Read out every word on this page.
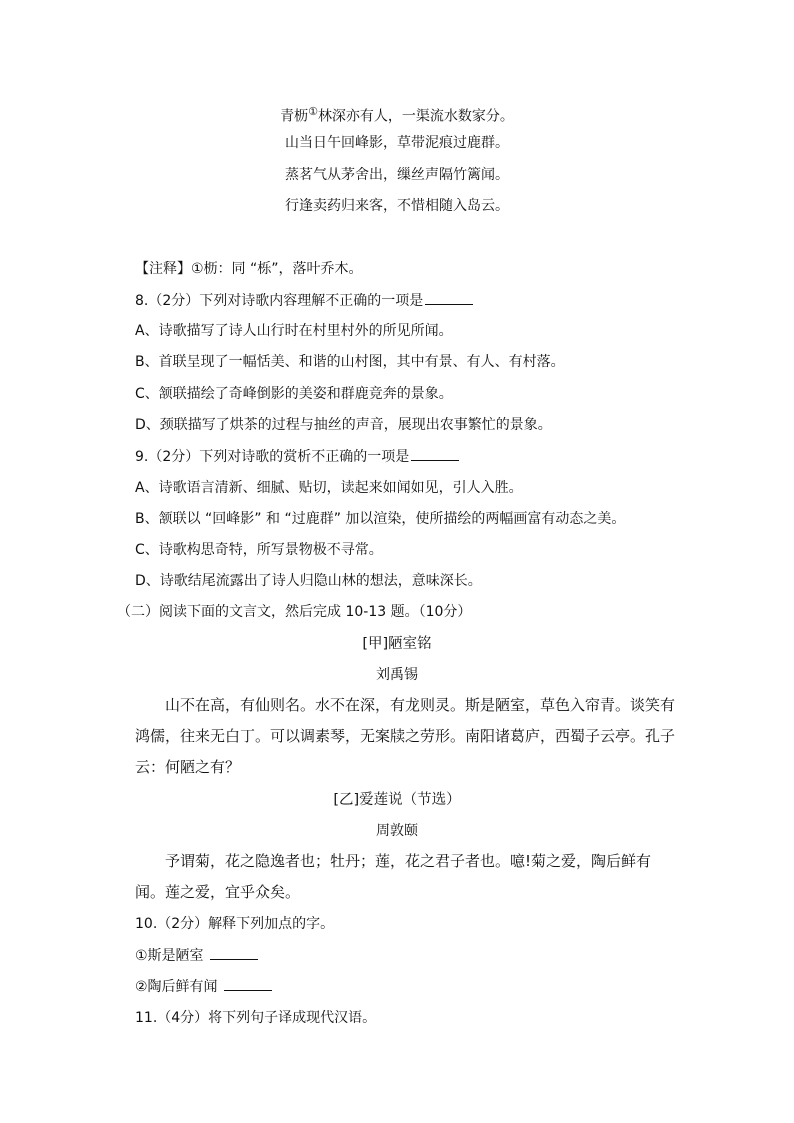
青枥①林深亦有人，一渠流水数家分。
山当日午回峰影，草带泥痕过鹿群。
蒸茗气从茅舍出，缫丝声隔竹篱闻。
行逢卖药归来客，不惜相随入岛云。
【注释】①枥：同 “栎”，落叶乔木。
8.（2分）下列对诗歌内容理解不正确的一项是
A、诗歌描写了诗人山行时在村里村外的所见所闻。
B、首联呈现了一幅恬美、和谐的山村图，其中有景、有人、有村落。
C、颔联描绘了奇峰倒影的美姿和群鹿竞奔的景象。
D、颈联描写了烘茶的过程与抽丝的声音，展现出农事繁忙的景象。
9.（2分）下列对诗歌的赏析不正确的一项是
A、诗歌语言清新、细腻、贴切，读起来如闻如见，引人入胜。
B、颔联以 “回峰影” 和 “过鹿群” 加以渲染，使所描绘的两幅画富有动态之美。
C、诗歌构思奇特，所写景物极不寻常。
D、诗歌结尾流露出了诗人归隐山林的想法，意味深长。
（二）阅读下面的文言文，然后完成 10-13 题。（10分）
[甲]陋室铭
刘禹锡
山不在高，有仙则名。水不在深，有龙则灵。斯是陋室，草色入帘青。谈笑有鸿儒，往来无白丁。可以调素琴，无案牍之劳形。南阳诸葛庐，西蜀子云亭。孔子云：何陋之有？
[乙]爱莲说（节选）
周敦颐
予谓菊，花之隐逸者也；牡丹；莲，花之君子者也。噫!菊之爱，陶后鲜有闻。莲之爱，宜乎众矣。
10.（2分）解释下列加点的字。
①斯是陋室
②陶后鲜有闻
11.（4分）将下列句子译成现代汉语。
